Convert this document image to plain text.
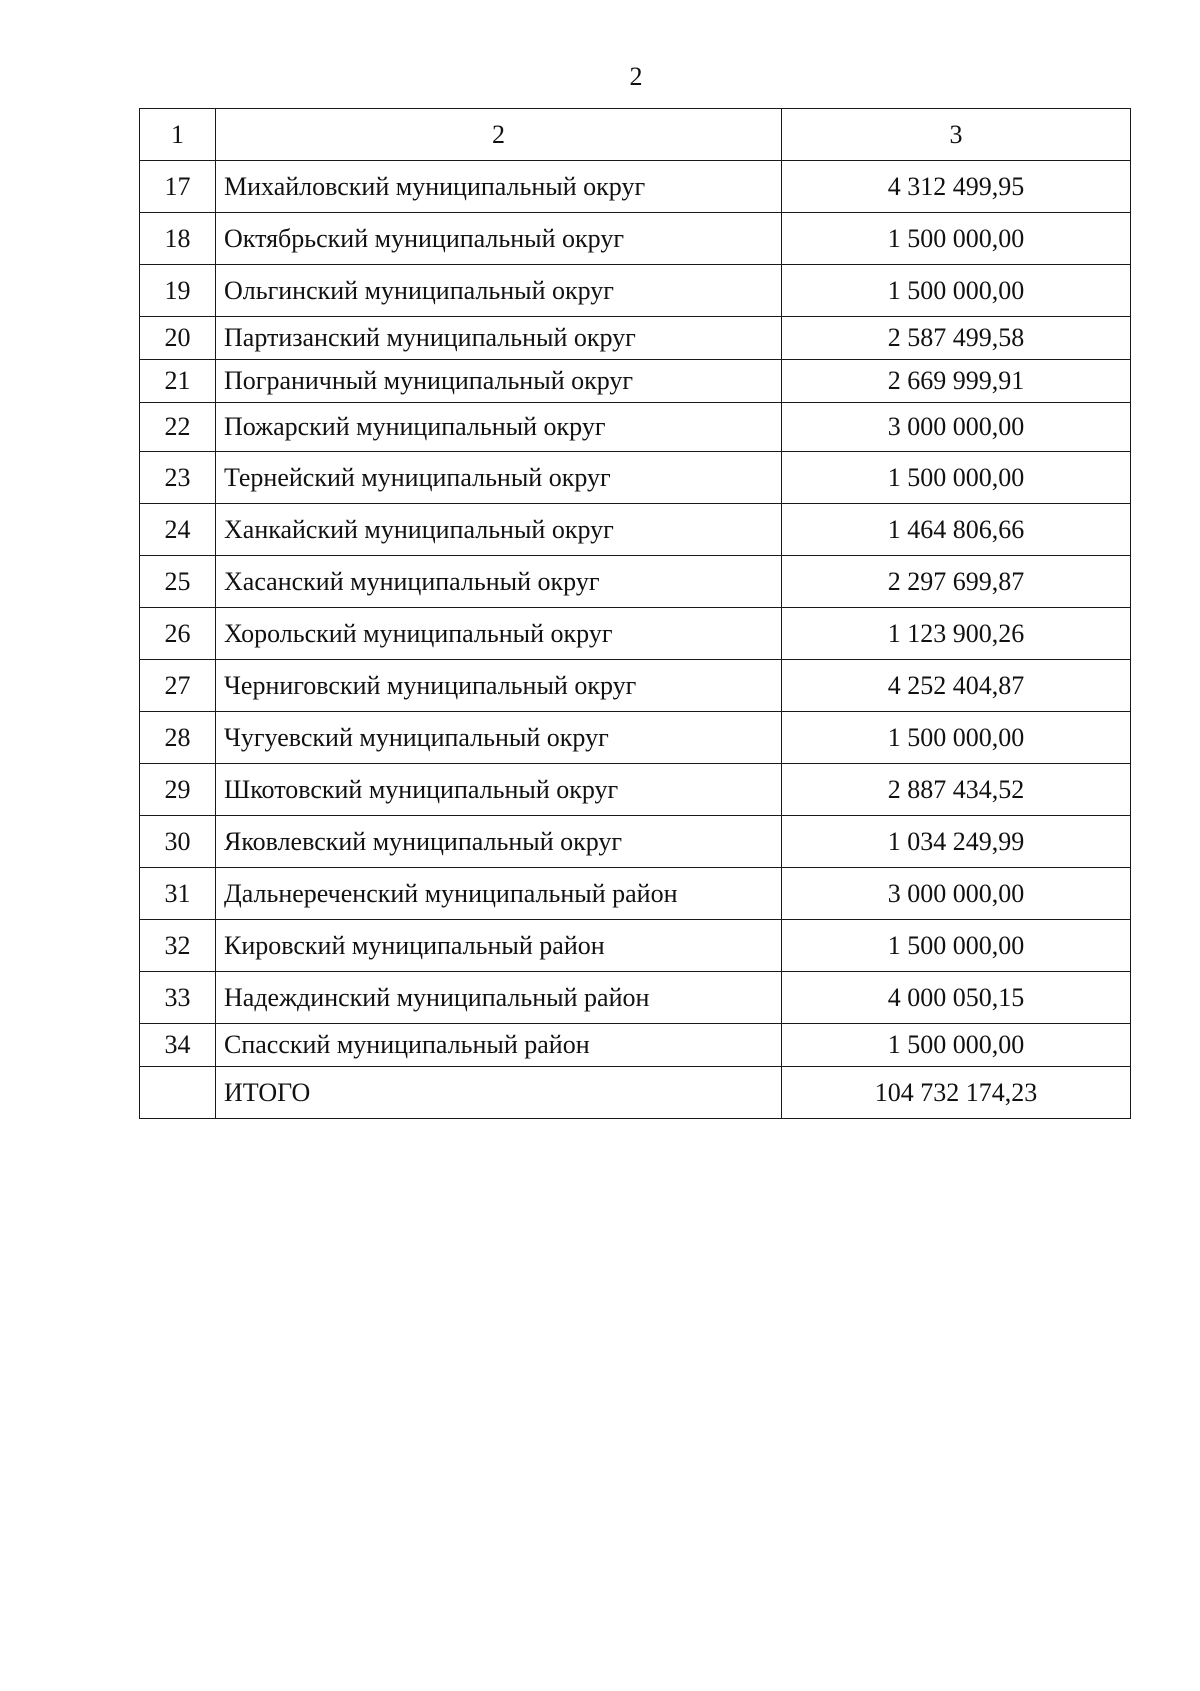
2
1	2	3
17	Михайловский муниципальный округ	4 312 499,95
18	Октябрьский муниципальный округ	1 500 000,00
19	Ольгинский муниципальный округ	1 500 000,00
20	Партизанский муниципальный округ	2 587 499,58
21	Пограничный муниципальный округ	2 669 999,91
22	Пожарский муниципальный округ	3 000 000,00
23	Тернейский муниципальный округ	1 500 000,00
24	Ханкайский муниципальный округ	1 464 806,66
25	Хасанский муниципальный округ	2 297 699,87
26	Хорольский муниципальный округ	1 123 900,26
27	Черниговский муниципальный округ	4 252 404,87
28	Чугуевский муниципальный округ	1 500 000,00
29	Шкотовский муниципальный округ	2 887 434,52
30	Яковлевский муниципальный округ	1 034 249,99
31	Дальнереченский муниципальный район	3 000 000,00
32	Кировский муниципальный район	1 500 000,00
33	Надеждинский муниципальный район	4 000 050,15
34	Спасский муниципальный район	1 500 000,00
	ИТОГО	104 732 174,23
